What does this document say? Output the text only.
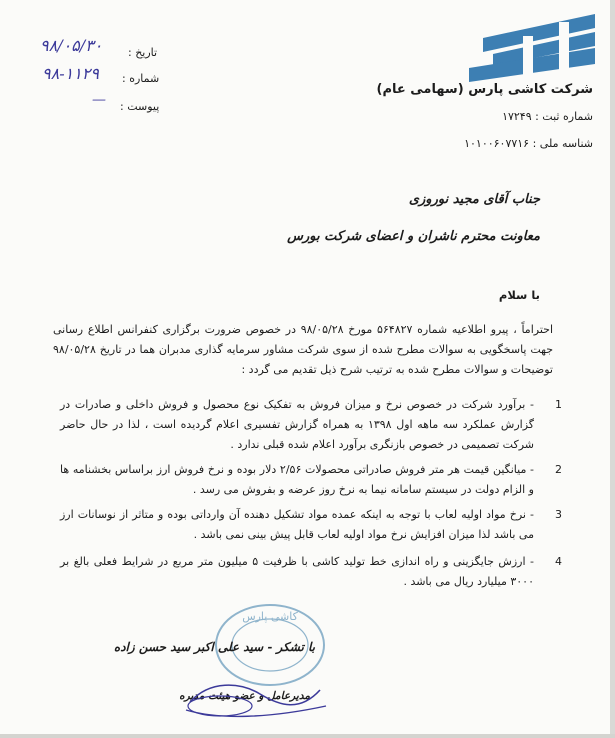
شرکت کاشی پارس (سهامی عام)
شماره ثبت : ۱۷۲۴۹
شناسه ملی : ۱۰۱۰۰۶۰۷۷۱۶
تاریخ :
۹۸/۰۵/۳۰
شماره :
۹۸-۱۱۲۹
پیوست :
—
جناب آقای مجید نوروزی
معاونت محترم ناشران و اعضای شرکت بورس
با سلام

احتراماً ، پیرو اطلاعیه شماره ۵۶۴۸۲۷ مورخ ۹۸/۰۵/۲۸ در خصوص ضرورت برگزاری کنفرانس اطلاع رسانی جهت پاسخگویی به سوالات مطرح شده از سوی شرکت مشاور سرمایه گذاری مدبران هما در تاریخ ۹۸/۰۵/۲۸ توضیحات و سوالات مطرح شده به ترتیب شرح ذیل تقدیم می گردد :

1

- برآورد شرکت در خصوص نرخ و میزان فروش به تفکیک نوع محصول و فروش داخلی و صادرات در گزارش عملکرد سه ماهه اول ۱۳۹۸ به همراه گزارش تفسیری اعلام گردیده است ، لذا در حال حاضر شرکت تصمیمی در خصوص بازنگری برآورد اعلام شده قبلی ندارد .

2

- میانگین قیمت هر متر فروش صادراتی محصولات ۲/۵۶ دلار بوده و نرخ فروش ارز براساس بخشنامه ها و الزام دولت در سیستم سامانه نیما به نرخ روز عرضه و بفروش می رسد .

3

- نرخ مواد اولیه لعاب با توجه به اینکه عمده مواد تشکیل دهنده آن وارداتی بوده و متاثر از نوسانات ارز می باشد لذا میزان افزایش نرخ مواد اولیه لعاب قابل پیش بینی نمی باشد .

4

- ارزش جایگزینی و راه اندازی خط تولید کاشی با ظرفیت ۵ میلیون متر مربع در شرایط فعلی بالغ بر ۳۰۰۰ میلیارد ریال می باشد .

کاشی پارس
با تشکر - سید علی اکبر سید حسن زاده
مدیرعامل و عضو هیئت مدیره
